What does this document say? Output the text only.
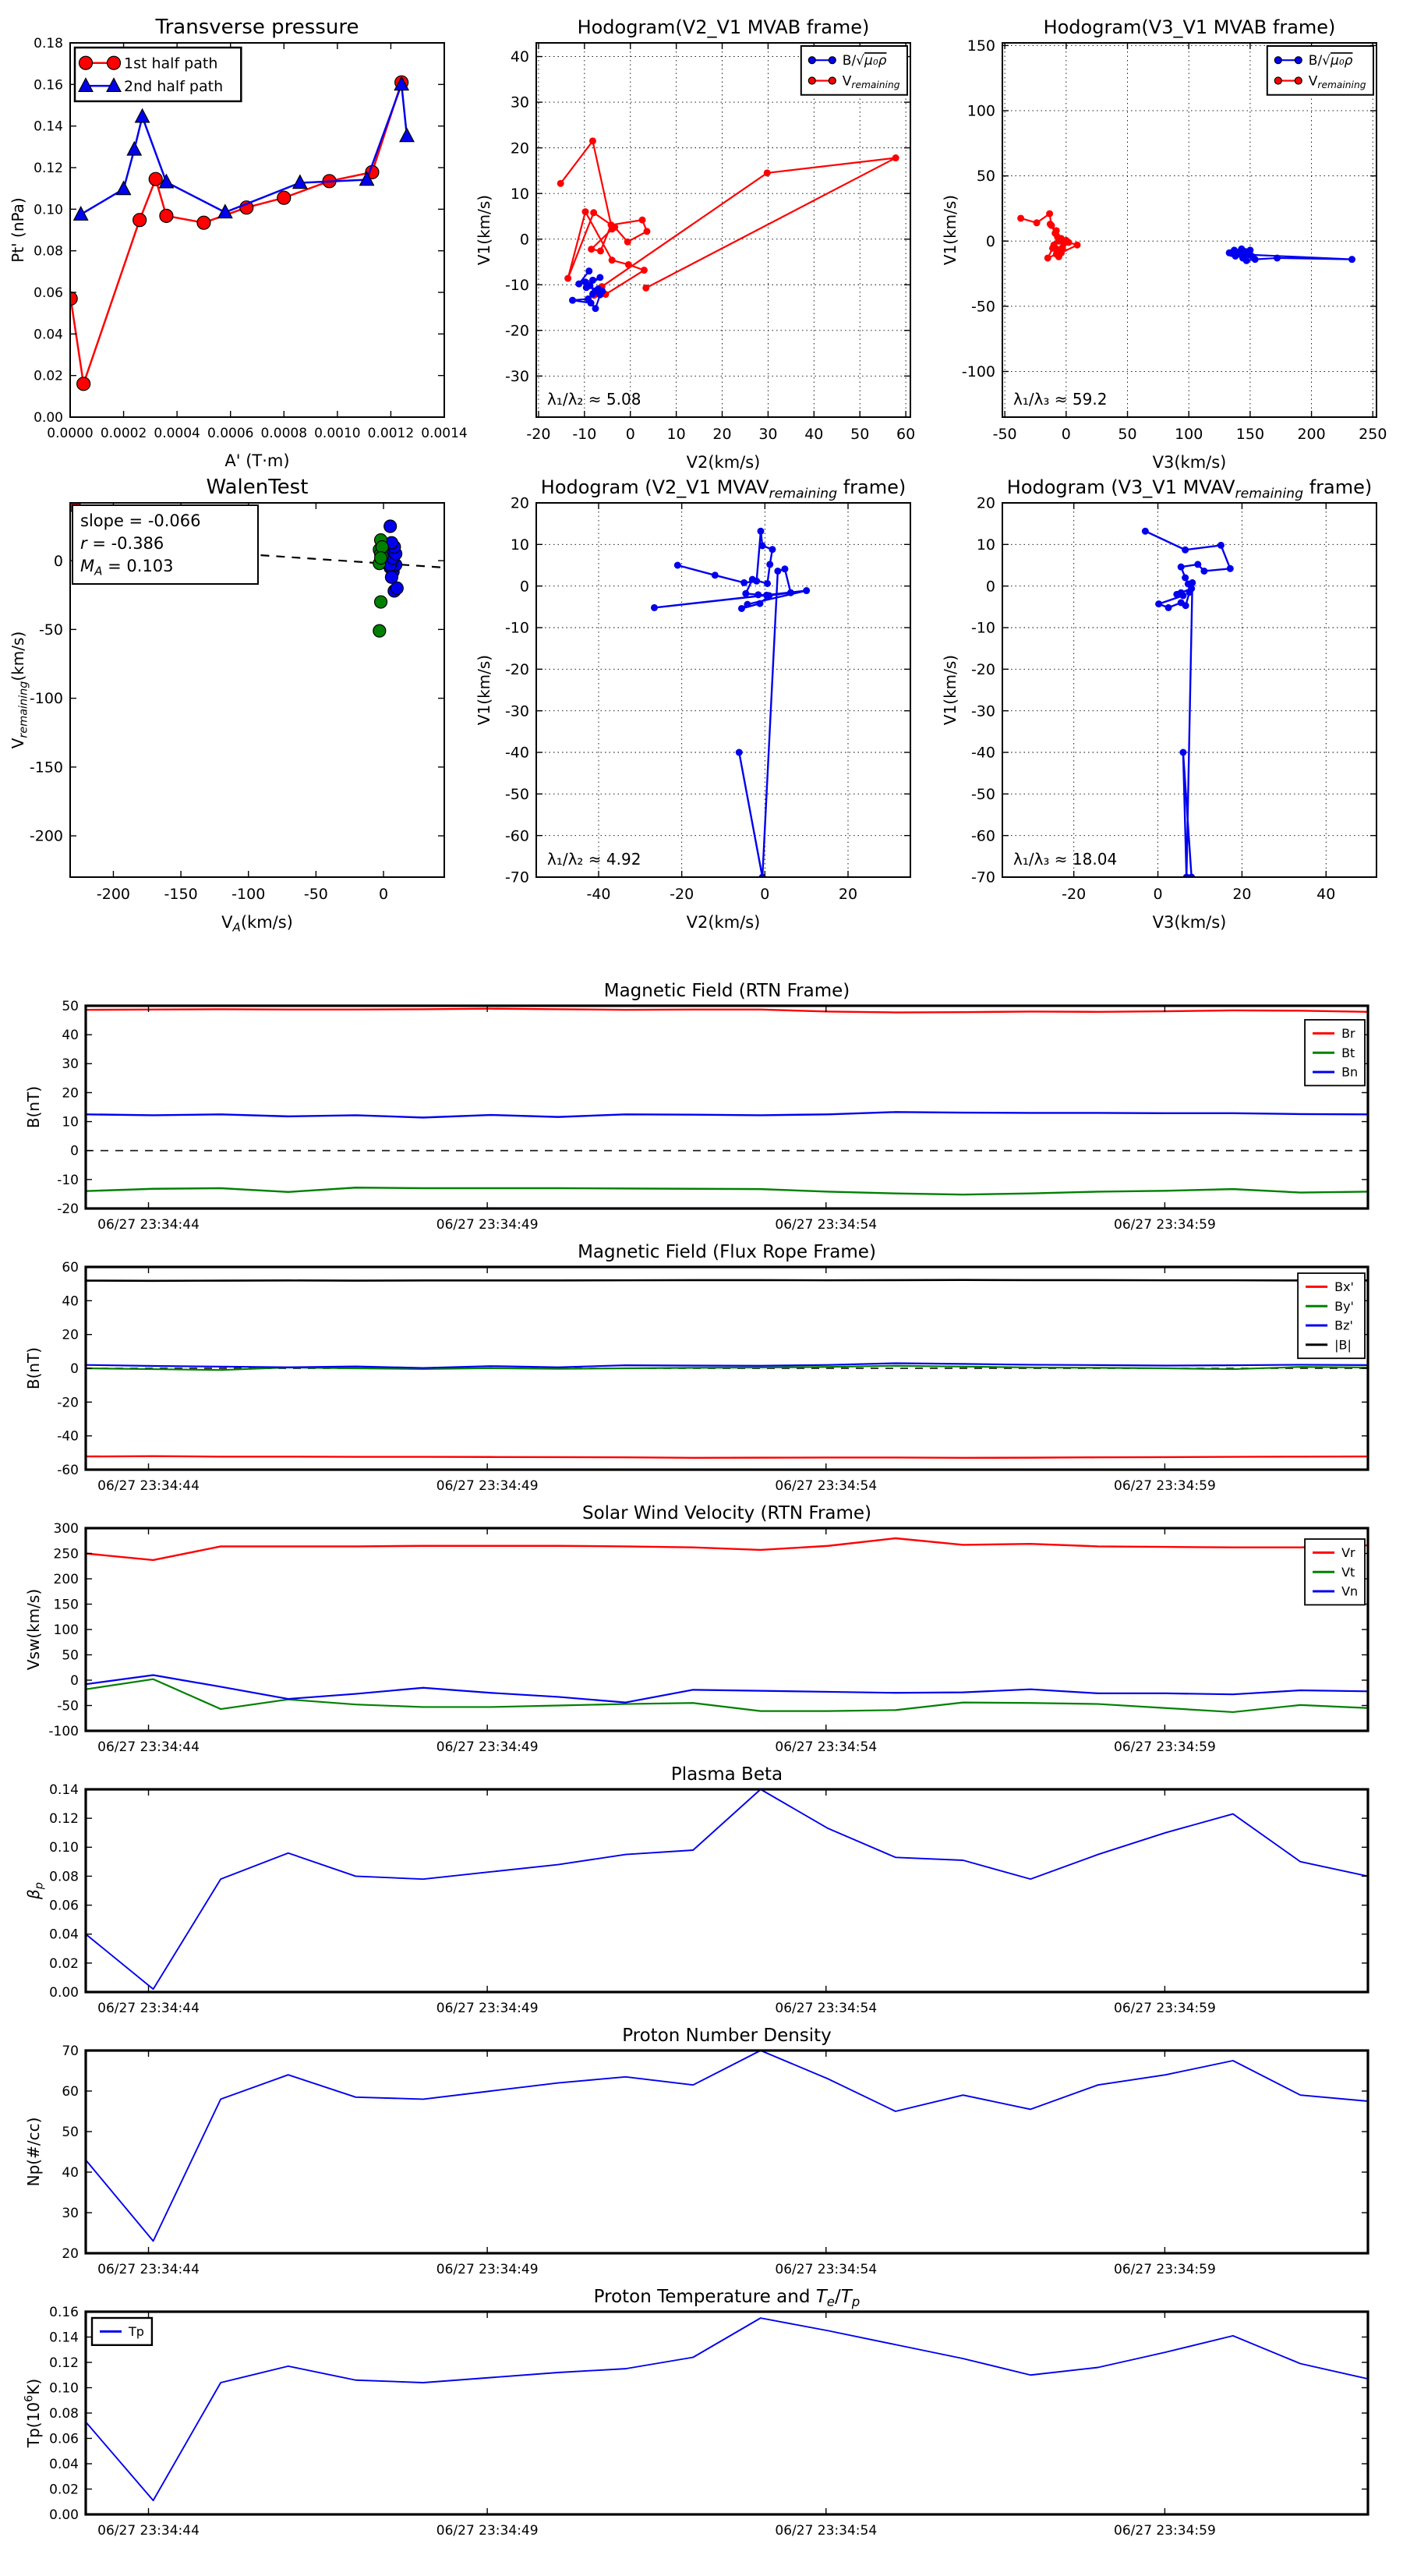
0.0000 0.0002 0.0004 0.0006 0.0008 0.0010 0.0012 0.0014
0.00
0.02
0.04
0.06
0.08
0.10
0.12
0.14
0.16
0.18
Transverse pressure
A' (T·m)
Pt' (nPa)
1st half path
2nd half path
-20 -10 0 10 20 30 40 50 60
-30
-20
-10
0
10
20
30
40
Hodogram(V2_V1 MVAB frame)
V2(km/s)
V1(km/s)
λ₁/λ₂ ≈ 5.08
B/√μ₀ρ
$V_{remaining}$
-50	0	50	100 150 200 250
-100
-50
0
50
100
150
Hodogram(V3_V1 MVAB frame)
V3(km/s)
V1(km/s)
λ₁/λ₃ ≈ 59.2
B/√μ₀ρ
$V_{remaining}$
-200 -150 -100	-50	0
-200
-150
-100
-50
0
WalenTest
$V_A(km/s)$
$V_{remaining}(km/s)$
slope = -0.066
r = -0.386
$M_A = 0.103$
-40	-20	0	20
-70
-60
-50
-40
-30
-20
-10
0
10
20
Hodogram (V2_V1 $MVAV_{remaining}$ frame)
V2(km/s)
V1(km/s)
λ₁/λ₂ ≈ 4.92
-20	0	20	40
-70
-60
-50
-40
-30
-20
-10
0
10
20
Hodogram (V3_V1 $MVAV_{remaining}$ frame)
V3(km/s)
V1(km/s)
λ₁/λ₃ ≈ 18.04
06/27 23:34:44	06/27 23:34:49	06/27 23:34:54	06/27 23:34:59
-20
-10
0
10
20
30
40
50
Magnetic Field (RTN Frame)
B(nT)
Br
Bt
Bn
06/27 23:34:44	06/27 23:34:49	06/27 23:34:54	06/27 23:34:59
-60
-40
-20
0
20
40
60
Magnetic Field (Flux Rope Frame)
B(nT)
Bx'
By'
Bz'
|B|
06/27 23:34:44	06/27 23:34:49	06/27 23:34:54	06/27 23:34:59
-100
-50
0
50
100
150
200
250
300
Solar Wind Velocity (RTN Frame)
Vsw(km/s)
Vr
Vt
Vn
06/27 23:34:44	06/27 23:34:49	06/27 23:34:54	06/27 23:34:59
0.00
0.02
0.04
0.06
0.08
0.10
0.12
0.14
Plasma Beta
$\beta_p$
06/27 23:34:44	06/27 23:34:49	06/27 23:34:54	06/27 23:34:59
20
30
40
50
60
70
Proton Number Density
Np(#/cc)
06/27 23:34:44	06/27 23:34:49	06/27 23:34:54	06/27 23:34:59
0.00
0.02
0.04
0.06
0.08
0.10
0.12
0.14
0.16
Proton Temperature and $T_e/T_p$
$Tp(10^6K)$
Tp
